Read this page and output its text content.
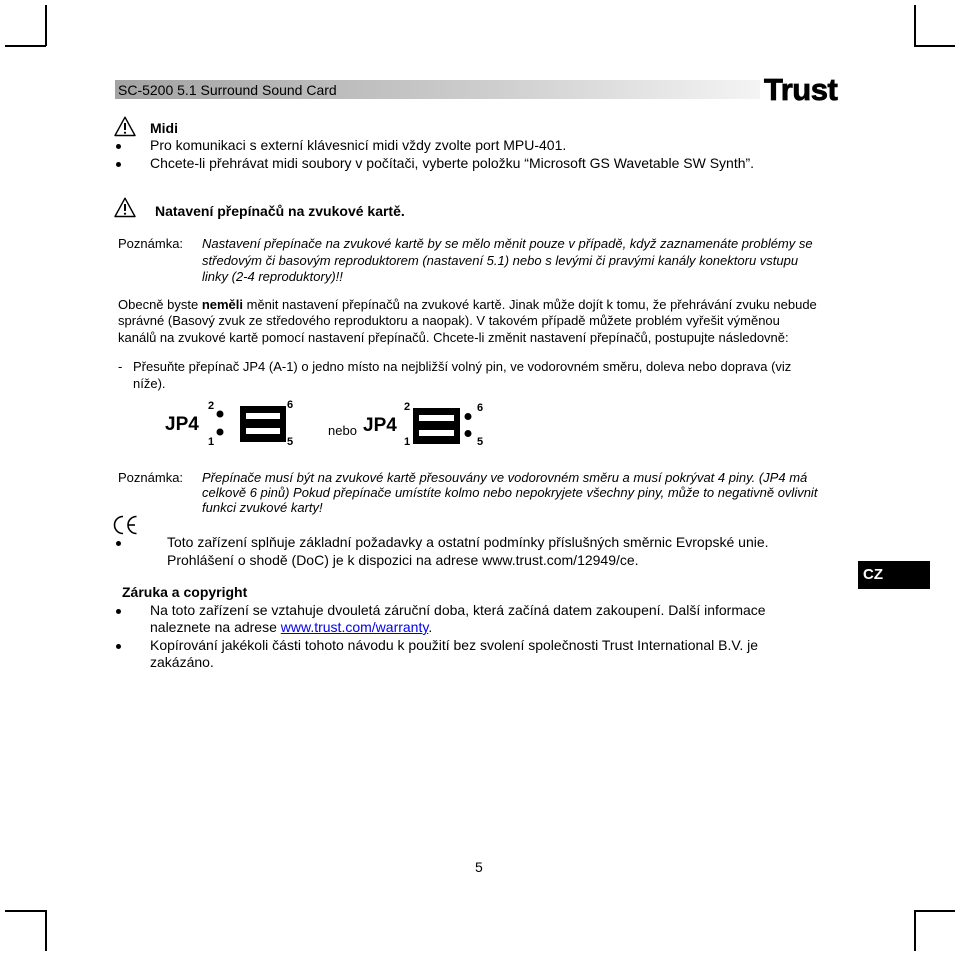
SC-5200 5.1 Surround Sound Card	Trust
Midi
Pro komunikaci s externí klávesnicí midi vždy zvolte port MPU-401.
Chcete-li přehrávat midi soubory v počítači, vyberte položku “Microsoft GS Wavetable SW Synth”.
Natavení přepínačů na zvukové kartě.
Poznámka: Nastavení přepínače na zvukové kartě by se mělo měnit pouze v případě, když zaznamenáte problémy se
středovým či basovým reproduktorem (nastavení 5.1) nebo s levými či pravými kanály konektoru vstupu
linky (2-4 reproduktory)!!
Obecně byste neměli měnit nastavení přepínačů na zvukové kartě. Jinak může dojít k tomu, že přehrávání zvuku nebude
správné (Basový zvuk ze středového reproduktoru a naopak). V takovém případě můžete problém vyřešit výměnou
kanálů na zvukové kartě pomocí nastavení přepínačů. Chcete-li změnit nastavení přepínačů, postupujte následovně:
- Přesuňte přepínač JP4 (A-1) o jedno místo na nejbližší volný pin, ve vodorovném směru, doleva nebo doprava (viz
níže).
JP4
2
1
6
5
nebo JP4
2
1
6
5
Poznámka: Přepínače musí být na zvukové kartě přesouvány ve vodorovném směru a musí pokrývat 4 piny. (JP4 má
celkově 6 pinů) Pokud přepínače umístíte kolmo nebo nepokryjete všechny piny, může to negativně ovlivnit
funkci zvukové karty!
Toto zařízení splňuje základní požadavky a ostatní podmínky příslušných směrnic Evropské unie.
Prohlášení o shodě (DoC) je k dispozici na adrese www.trust.com/12949/ce.
CZ
Záruka a copyright
Na toto zařízení se vztahuje dvouletá záruční doba, která začíná datem zakoupení. Další informace
naleznete na adrese www.trust.com/warranty.
Kopírování jakékoli části tohoto návodu k použití bez svolení společnosti Trust International B.V. je
zakázáno.
5
